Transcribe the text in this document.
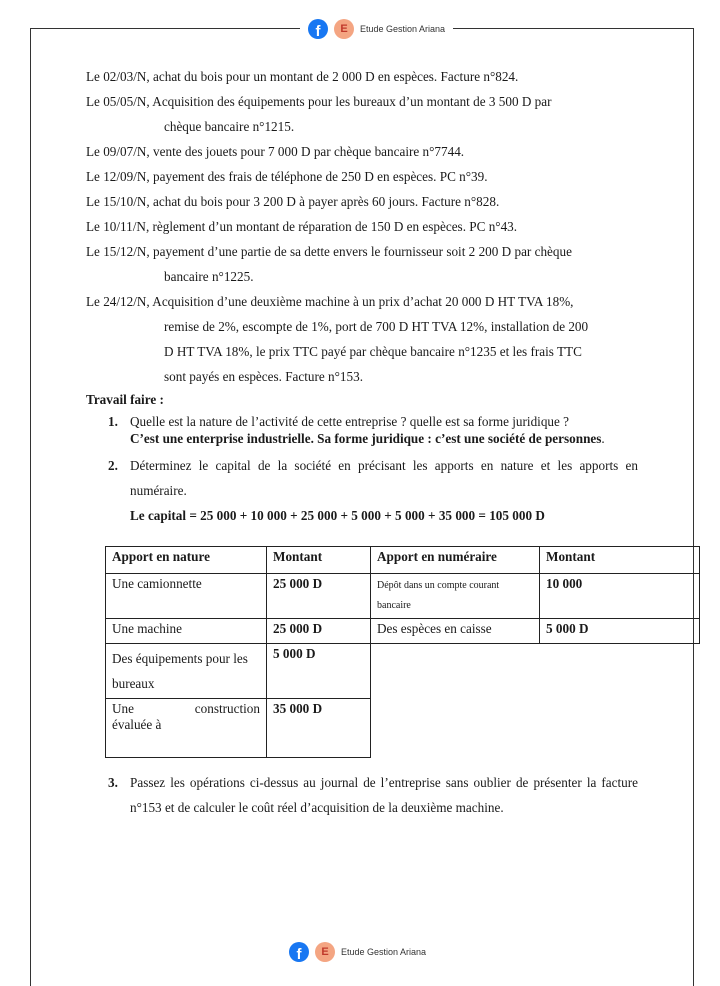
f	E	Etude Gestion Ariana
Le 02/03/N, achat du bois pour un montant de 2 000 D en espèces. Facture n°824.
Le 05/05/N, Acquisition des équipements pour les bureaux d’un montant de 3 500 D par
chèque bancaire n°1215.
Le 09/07/N, vente des jouets pour 7 000 D par chèque bancaire n°7744.
Le 12/09/N, payement des frais de téléphone de 250 D en espèces. PC n°39.
Le 15/10/N, achat du bois pour 3 200 D à payer après 60 jours. Facture n°828.
Le 10/11/N, règlement d’un montant de réparation de 150 D en espèces. PC n°43.
Le 15/12/N, payement d’une partie de sa dette envers le fournisseur soit 2 200 D par chèque
bancaire n°1225.
Le 24/12/N, Acquisition d’une deuxième machine à un prix d’achat 20 000 D HT TVA 18%,
remise de 2%, escompte de 1%, port de 700 D HT TVA 12%, installation de 200
D HT TVA 18%, le prix TTC payé par chèque bancaire n°1235 et les frais TTC
sont payés en espèces. Facture n°153.
Travail faire :
1. Quelle est la nature de l’activité de cette entreprise ? quelle est sa forme juridique ?
C’est une enterprise industrielle. Sa forme juridique : c’est une société de personnes.
2. Déterminez le capital de la société en précisant les apports en nature et les apports en numéraire.
Le capital = 25 000 + 10 000 + 25 000 + 5 000 + 5 000 + 35 000 = 105 000 D
Apport en nature	Montant	Apport en numéraire	Montant
Une camionnette	25 000 D	Dépôt dans un compte courant bancaire	10 000
Une machine	25 000 D	Des espèces en caisse	5 000 D
Des équipements pour les bureaux	5 000 D		

Une construction
évaluée à	35 000 D		
3. Passez les opérations ci-dessus au journal de l’entreprise sans oublier de présenter la facture n°153 et de calculer le coût réel d’acquisition de la deuxième machine.
f	E	Etude Gestion Ariana
